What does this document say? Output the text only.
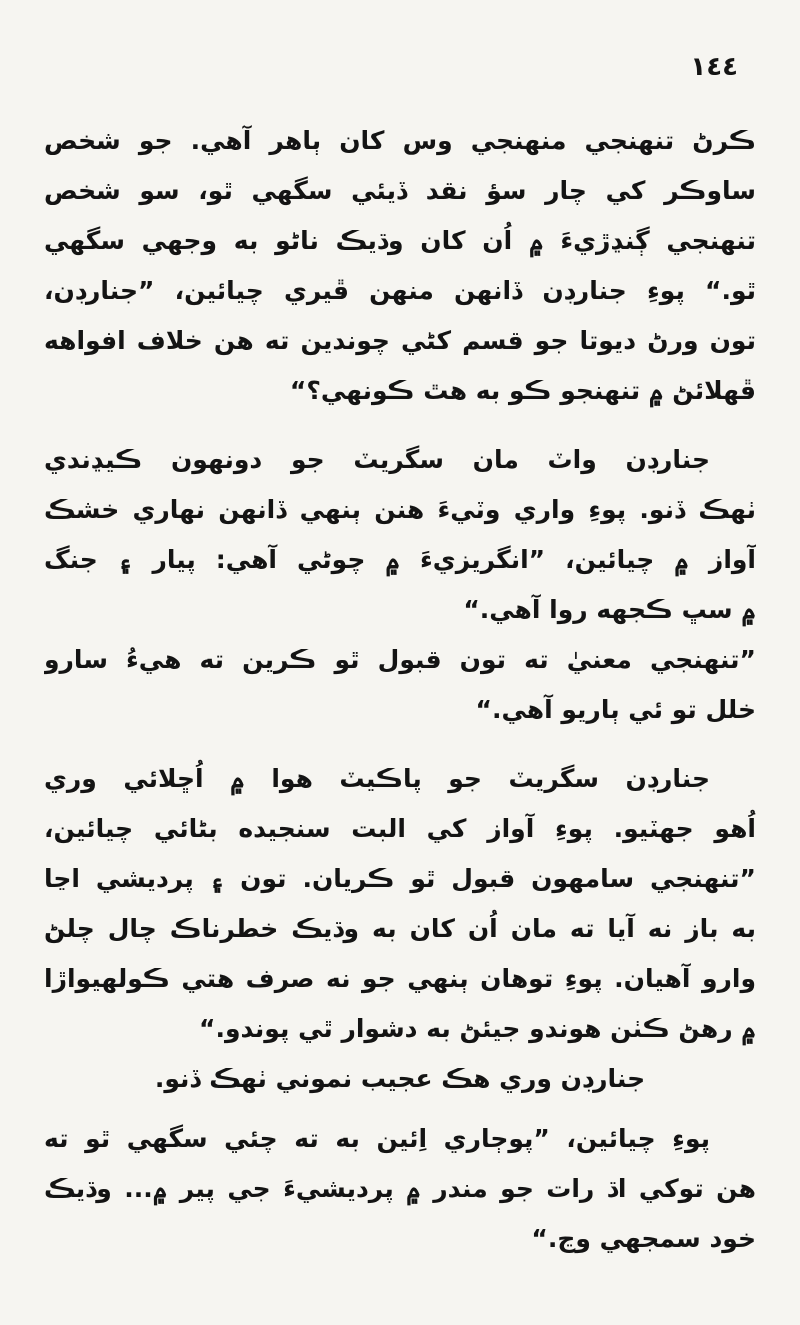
١٤٤
ڪرڻ تنهنجي منهنجي وس کان ٻاهر آهي. جو شخص
ساوڪر کي چار سؤ نقد ڏيئي سگهي ٿو، سو شخص
تنهنجي ڳنڍڙيءَ ۾ اُن کان وڌيڪ ناڻو به وجهي سگهي
ٿو.“ پوءِ جنارڊن ڏانهن منهن ڦيري چيائين، ”جنارڊن،
تون ورڻ ديوتا جو قسم کڻي چوندين ته هن خلاف افواهه
ڦهلائڻ ۾ تنهنجو ڪو به هٿ ڪونهي؟“
جنارڊن واٽ مان سگريٽ جو دونهون ڪيڍندي
ٺهڪ ڏنو. پوءِ واري وٽيءَ هنن ٻنهي ڏانهن نهاري خشڪ
آواز ۾ چيائين، ”انگريزيءَ ۾ چوڻي آهي: پيار ۽ جنگ
۾ سڀ ڪجهه روا آهي.“
”تنهنجي معنيٰ ته تون قبول ٿو ڪرين ته هيءُ سارو
خلل تو ئي ٻاريو آهي.“
جنارڊن سگريٽ جو پاڪيٽ هوا ۾ اُڇلائي وري
اُهو جهٽيو. پوءِ آواز کي البت سنجيده بڻائي چيائين،
”تنهنجي سامهون قبول ٿو ڪريان. تون ۽ پرديشي اڃا
به باز نه آيا ته مان اُن کان به وڌيڪ خطرناڪ چال چلڻ
وارو آهيان. پوءِ توهان ٻنهي جو نه صرف هتي ڪولهيواڙا
۾ رهڻ ڪٺن هوندو جيئڻ به دشوار ٿي پوندو.“
جنارڊن وري هڪ عجيب نموني ٺهڪ ڏنو.
پوءِ چيائين، ”پوڄاري اِئين به ته چئي سگهي ٿو ته
هن توکي اڌ رات جو مندر ۾ پرديشيءَ جي پير ۾... وڌيڪ
خود سمجهي وڃ.“
